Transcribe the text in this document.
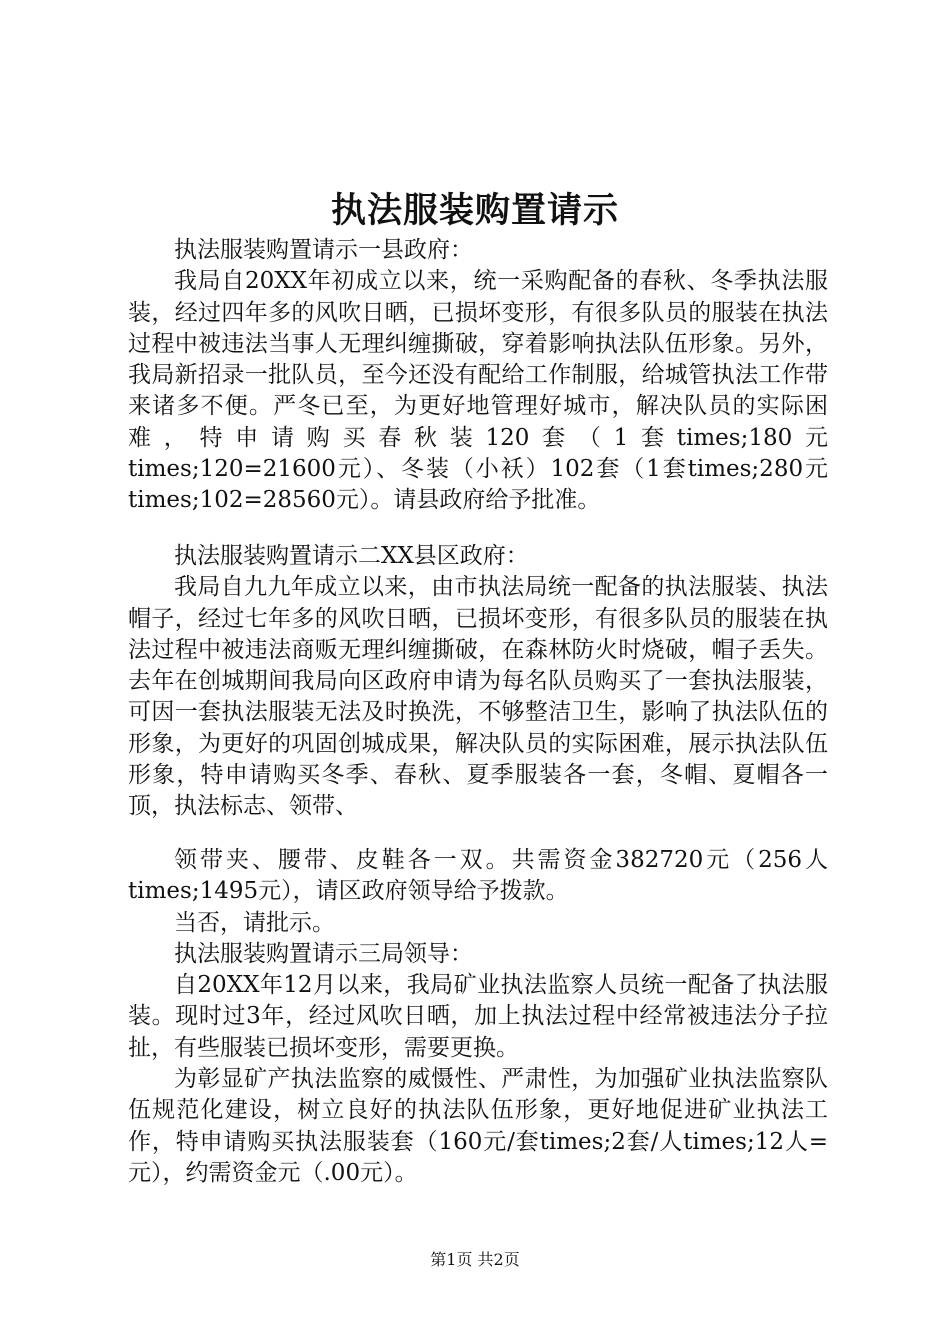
执法服装购置请示

执法服装购置请示一县政府：

我局自20XX年初成立以来，统一采购配备的春秋、冬季执法服装，经过四年多的风吹日晒，已损坏变形，有很多队员的服装在执法过程中被违法当事人无理纠缠撕破，穿着影响执法队伍形象。另外，我局新招录一批队员，至今还没有配给工作制服，给城管执法工作带来诸多不便。严冬已至，为更好地管理好城市，解决队员的实际困难，特申请购买春秋装120套（1套times;180元times;120=21600元）、冬装（小袄）102套（1套times;280元times;102=28560元）。请县政府给予批准。

执法服装购置请示二XX县区政府：

我局自九九年成立以来，由市执法局统一配备的执法服装、执法帽子，经过七年多的风吹日晒，已损坏变形，有很多队员的服装在执法过程中被违法商贩无理纠缠撕破，在森林防火时烧破，帽子丢失。去年在创城期间我局向区政府申请为每名队员购买了一套执法服装，可因一套执法服装无法及时换洗，不够整洁卫生，影响了执法队伍的形象，为更好的巩固创城成果，解决队员的实际困难，展示执法队伍形象，特申请购买冬季、春秋、夏季服装各一套，冬帽、夏帽各一顶，执法标志、领带、

领带夹、腰带、皮鞋各一双。共需资金382720元（256人times;1495元），请区政府领导给予拨款。

当否，请批示。

执法服装购置请示三局领导：

自20XX年12月以来，我局矿业执法监察人员统一配备了执法服装。现时过3年，经过风吹日晒，加上执法过程中经常被违法分子拉扯，有些服装已损坏变形，需要更换。

为彰显矿产执法监察的威慑性、严肃性，为加强矿业执法监察队伍规范化建设，树立良好的执法队伍形象，更好地促进矿业执法工作，特申请购买执法服装套（160元/套times;2套/人times;12人=元），约需资金元（.00元）。

第1页 共2页
